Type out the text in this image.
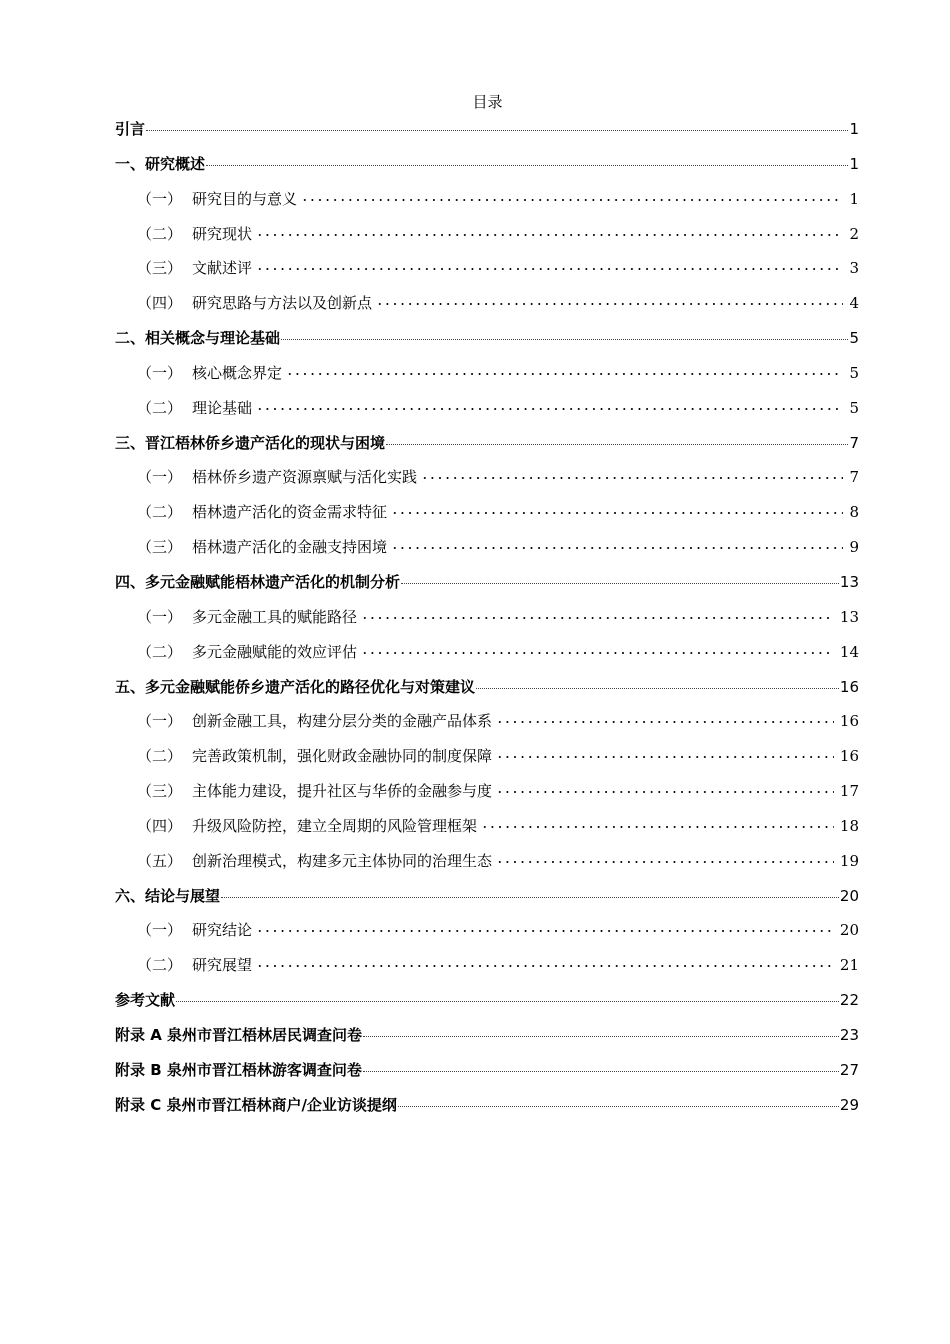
目录
引言	1
一、研究概述	1
（一） 研究目的与意义	1
（二） 研究现状	2
（三） 文献述评	3
（四） 研究思路与方法以及创新点	4
二、相关概念与理论基础	5
（一） 核心概念界定	5
（二） 理论基础	5
三、晋江梧林侨乡遗产活化的现状与困境	7
（一） 梧林侨乡遗产资源禀赋与活化实践	7
（二） 梧林遗产活化的资金需求特征	8
（三） 梧林遗产活化的金融支持困境	9
四、多元金融赋能梧林遗产活化的机制分析	13
（一） 多元金融工具的赋能路径	13
（二） 多元金融赋能的效应评估	14
五、多元金融赋能侨乡遗产活化的路径优化与对策建议	16
（一） 创新金融工具，构建分层分类的金融产品体系	16
（二） 完善政策机制，强化财政金融协同的制度保障	16
（三） 主体能力建设，提升社区与华侨的金融参与度	17
（四） 升级风险防控，建立全周期的风险管理框架	18
（五） 创新治理模式，构建多元主体协同的治理生态	19
六、结论与展望	20
（一） 研究结论	20
（二） 研究展望	21
参考文献	22
附录 A 泉州市晋江梧林居民调查问卷	23
附录 B 泉州市晋江梧林游客调查问卷	27
附录 C 泉州市晋江梧林商户/企业访谈提纲	29
